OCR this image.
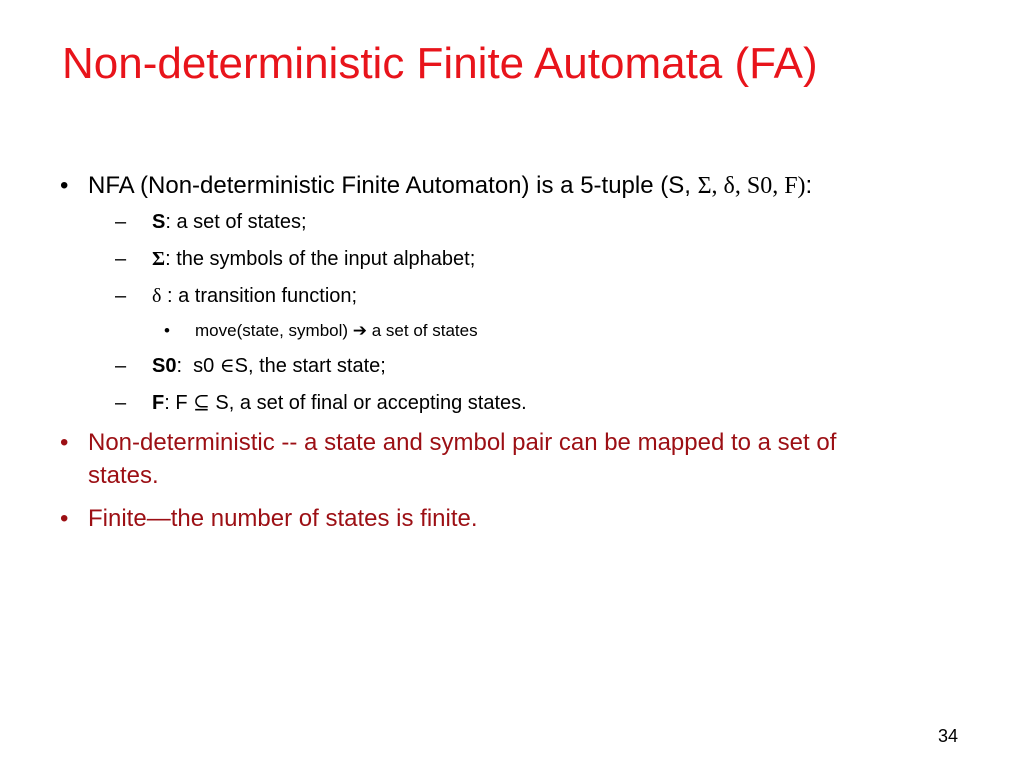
Non-deterministic Finite Automata (FA)
• NFA (Non-deterministic Finite Automaton) is a 5-tuple (S, Σ, δ, S0, F):
– S: a set of states;
– Σ: the symbols of the input alphabet;
– δ : a transition function;
• move(state, symbol) ➔ a set of states
– S0:  s0 ∈S, the start state;
– F: F ⊆ S, a set of final or accepting states.
• Non-deterministic -- a state and symbol pair can be mapped to a set of
states.
• Finite—the number of states is finite.
34
